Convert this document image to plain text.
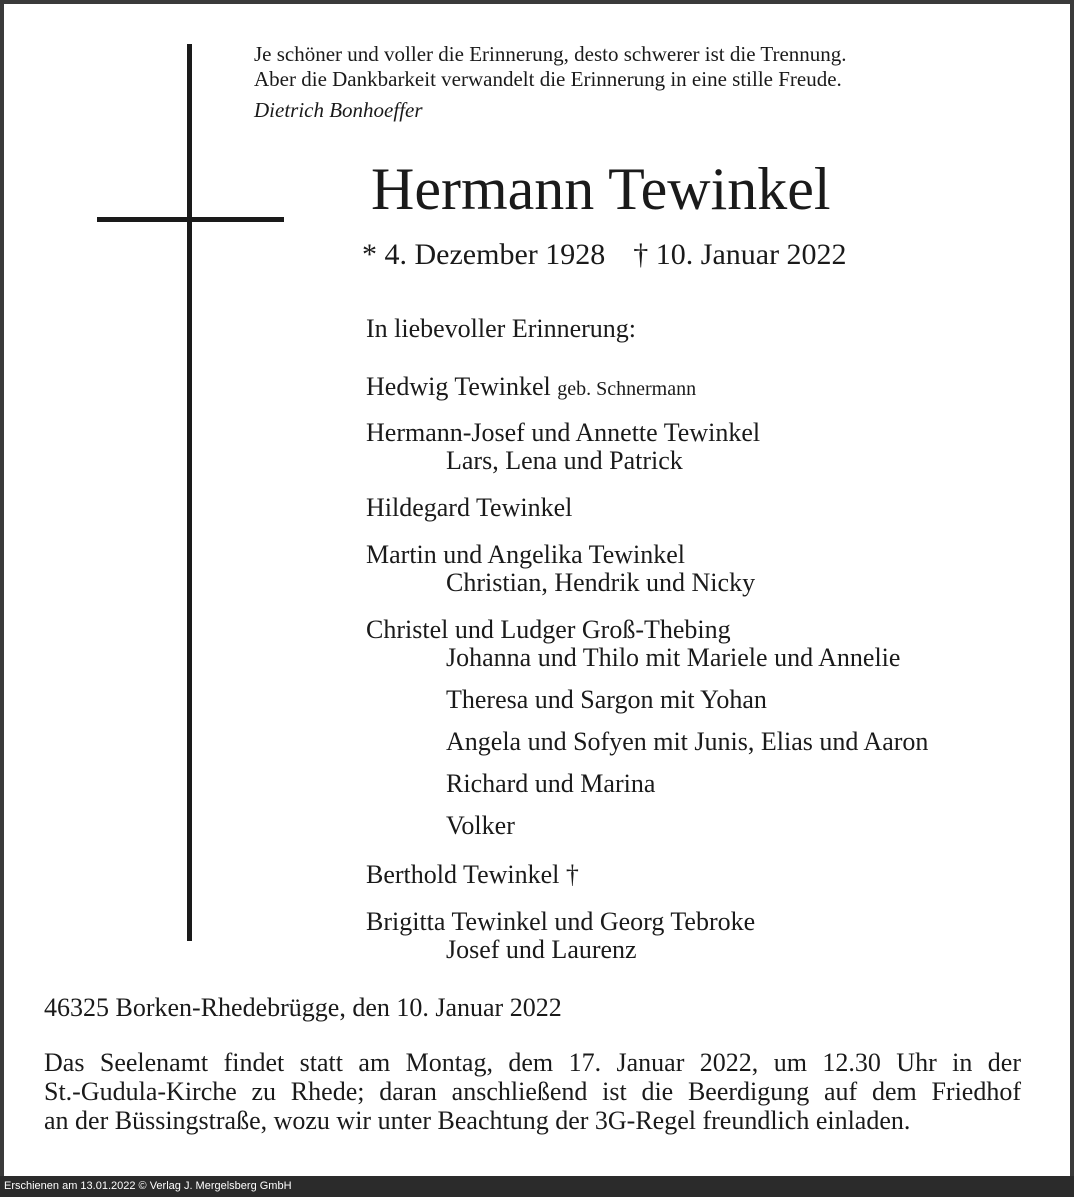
Je schöner und voller die Erinnerung, desto schwerer ist die Trennung.
Aber die Dankbarkeit verwandelt die Erinnerung in eine stille Freude.
Dietrich Bonhoeffer
Hermann Tewinkel
* 4. Dezember 1928 † 10. Januar 2022
In liebevoller Erinnerung:
Hedwig Tewinkel geb. Schnermann
Hermann-Josef und Annette Tewinkel
Lars, Lena und Patrick
Hildegard Tewinkel
Martin und Angelika Tewinkel
Christian, Hendrik und Nicky
Christel und Ludger Groß-Thebing
Johanna und Thilo mit Mariele und Annelie
Theresa und Sargon mit Yohan
Angela und Sofyen mit Junis, Elias und Aaron
Richard und Marina
Volker
Berthold Tewinkel †
Brigitta Tewinkel und Georg Tebroke
Josef und Laurenz
46325 Borken-Rhedebrügge, den 10. Januar 2022
Das Seelenamt findet statt am Montag, dem 17. Januar 2022, um 12.30 Uhr in der
St.-Gudula-Kirche zu Rhede; daran anschließend ist die Beerdigung auf dem Friedhof
an der Büssingstraße, wozu wir unter Beachtung der 3G-Regel freundlich einladen.
Erschienen am 13.01.2022 © Verlag J. Mergelsberg GmbH
